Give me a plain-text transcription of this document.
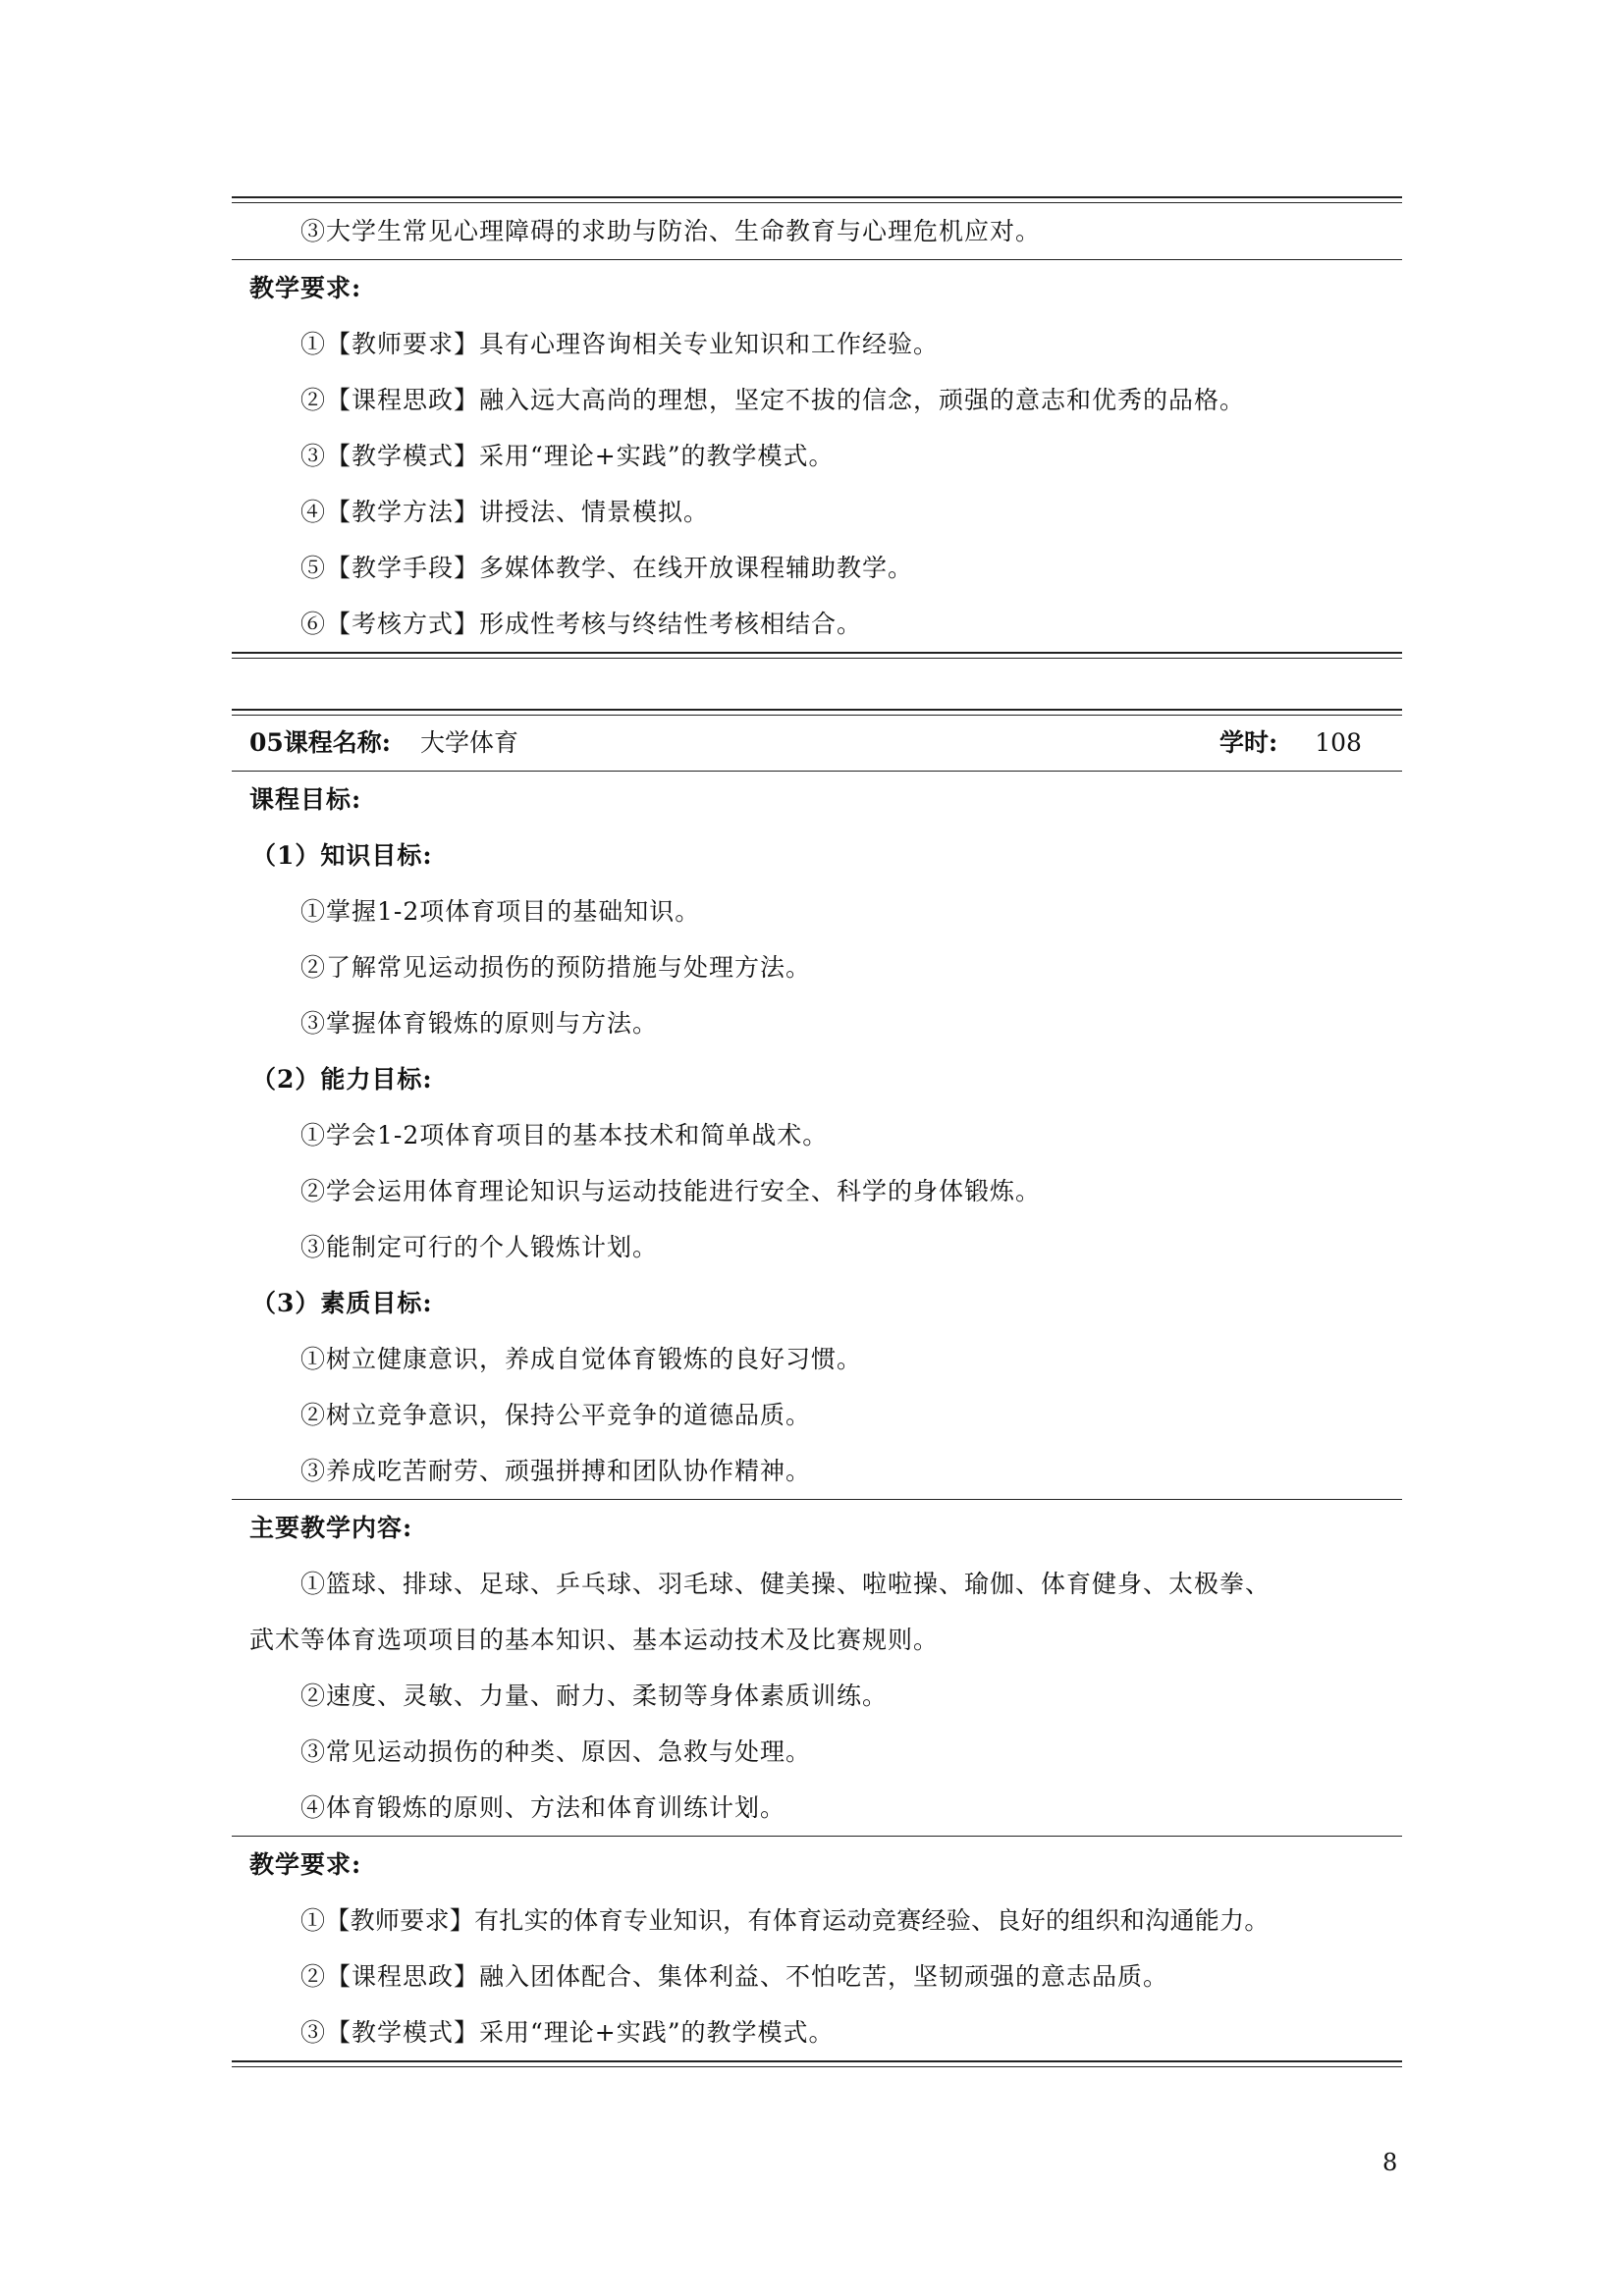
③大学生常见心理障碍的求助与防治、生命教育与心理危机应对。
教学要求:
①【教师要求】具有心理咨询相关专业知识和工作经验。
②【课程思政】融入远大高尚的理想，坚定不拔的信念，顽强的意志和优秀的品格。
③【教学模式】采用“理论+实践”的教学模式。
④【教学方法】讲授法、情景模拟。
⑤【教学手段】多媒体教学、在线开放课程辅助教学。
⑥【考核方式】形成性考核与终结性考核相结合。
05课程名称: 大学体育	学时: 108
课程目标:
（1）知识目标:
①掌握1-2项体育项目的基础知识。
②了解常见运动损伤的预防措施与处理方法。
③掌握体育锻炼的原则与方法。
（2）能力目标:
①学会1-2项体育项目的基本技术和简单战术。
②学会运用体育理论知识与运动技能进行安全、科学的身体锻炼。
③能制定可行的个人锻炼计划。
（3）素质目标:
①树立健康意识，养成自觉体育锻炼的良好习惯。
②树立竞争意识，保持公平竞争的道德品质。
③养成吃苦耐劳、顽强拼搏和团队协作精神。
主要教学内容:
①篮球、排球、足球、乒乓球、羽毛球、健美操、啦啦操、瑜伽、体育健身、太极拳、
武术等体育选项项目的基本知识、基本运动技术及比赛规则。
②速度、灵敏、力量、耐力、柔韧等身体素质训练。
③常见运动损伤的种类、原因、急救与处理。
④体育锻炼的原则、方法和体育训练计划。
教学要求:
①【教师要求】有扎实的体育专业知识，有体育运动竞赛经验、良好的组织和沟通能力。
②【课程思政】融入团体配合、集体利益、不怕吃苦，坚韧顽强的意志品质。
③【教学模式】采用“理论+实践”的教学模式。
8
